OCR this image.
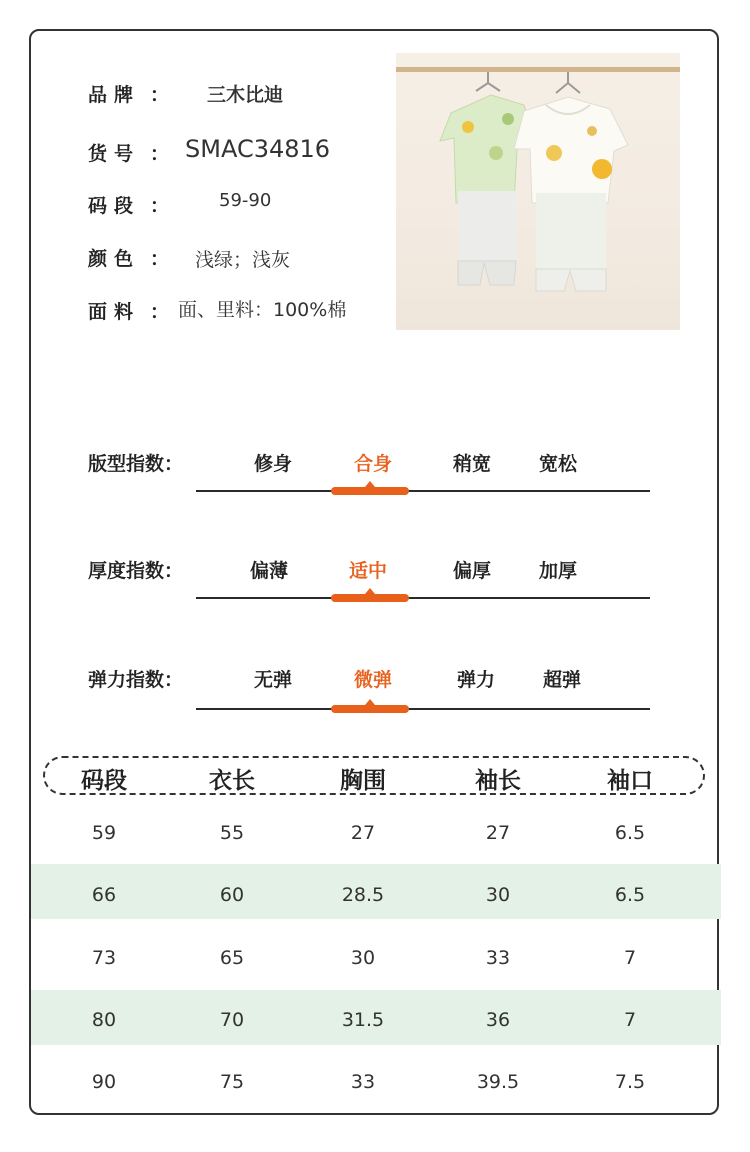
品牌 ： 三木比迪
货号 ： SMAC34816
码段 ：	59-90
颜色 ： 浅绿；浅灰
面料 ： 面、里料：100%棉
版型指数：	修身	合身	稍宽	宽松
厚度指数：	偏薄	适中	偏厚	加厚
弹力指数：	无弹	微弹	弹力	超弹
码段	衣长	胸围	袖长	袖口
59	55	27	27	6.5
66	60	28.5	30	6.5
73	65	30	33	7
80	70	31.5	36	7
90	75	33	39.5	7.5
